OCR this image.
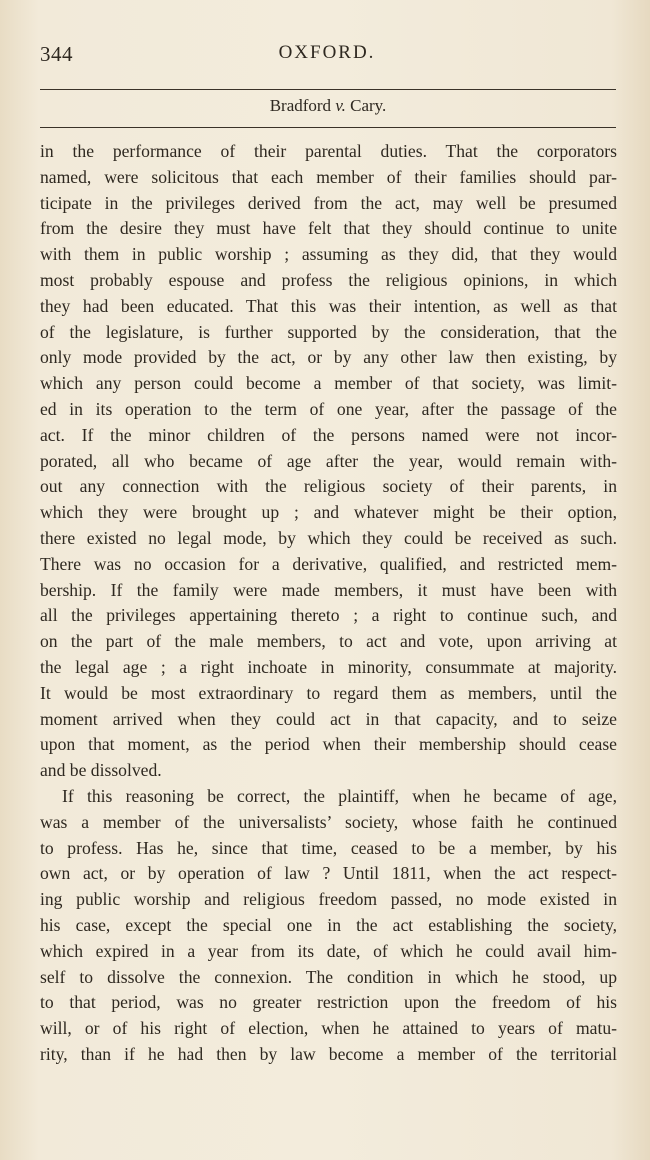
344	OXFORD.
Bradford v. Cary.
in the performance of their parental duties. That the corporators
named, were solicitous that each member of their families should par-
ticipate in the privileges derived from the act, may well be presumed
from the desire they must have felt that they should continue to unite
with them in public worship ; assuming as they did, that they would
most probably espouse and profess the religious opinions, in which
they had been educated. That this was their intention, as well as that
of the legislature, is further supported by the consideration, that the
only mode provided by the act, or by any other law then existing, by
which any person could become a member of that society, was limit-
ed in its operation to the term of one year, after the passage of the
act. If the minor children of the persons named were not incor-
porated, all who became of age after the year, would remain with-
out any connection with the religious society of their parents, in
which they were brought up ; and whatever might be their option,
there existed no legal mode, by which they could be received as such.
There was no occasion for a derivative, qualified, and restricted mem-
bership. If the family were made members, it must have been with
all the privileges appertaining thereto ; a right to continue such, and
on the part of the male members, to act and vote, upon arriving at
the legal age ; a right inchoate in minority, consummate at majority.
It would be most extraordinary to regard them as members, until the
moment arrived when they could act in that capacity, and to seize
upon that moment, as the period when their membership should cease
and be dissolved.
If this reasoning be correct, the plaintiff, when he became of age,
was a member of the universalists’ society, whose faith he continued
to profess. Has he, since that time, ceased to be a member, by his
own act, or by operation of law ? Until 1811, when the act respect-
ing public worship and religious freedom passed, no mode existed in
his case, except the special one in the act establishing the society,
which expired in a year from its date, of which he could avail him-
self to dissolve the connexion. The condition in which he stood, up
to that period, was no greater restriction upon the freedom of his
will, or of his right of election, when he attained to years of matu-
rity, than if he had then by law become a member of the territorial
